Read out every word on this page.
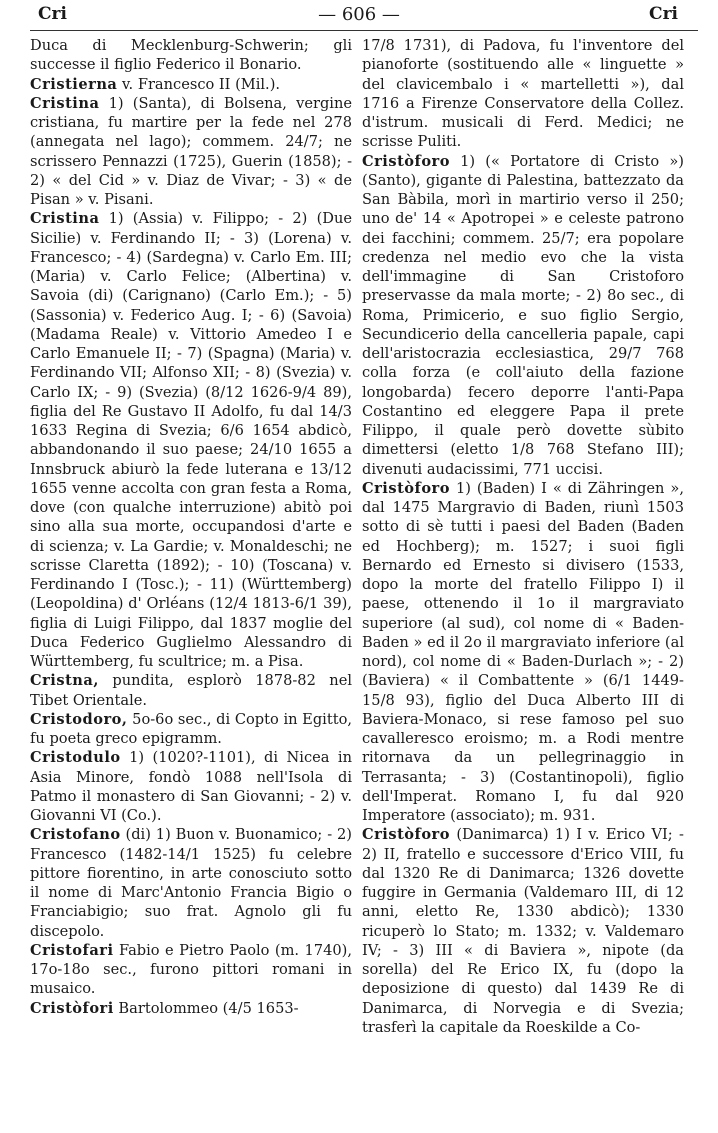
Cri	— 606 —	Cri

Duca di Mecklenburg-Schwerin; gli successe il figlio Federico il Bonario.

Cristierna v. Francesco II (Mil.).

Cristina 1) (Santa), di Bolsena, vergine cristiana, fu martire per la fede nel 278 (annegata nel lago); commem. 24/7; ne scrissero Pennazzi (1725), Guerin (1858); - 2) « del Cid » v. Diaz de Vivar; - 3) « de Pisan » v. Pisani.

Cristina 1) (Assia) v. Filippo; - 2) (Due Sicilie) v. Ferdinando II; - 3) (Lorena) v. Francesco; - 4) (Sardegna) v. Carlo Em. III; (Maria) v. Carlo Felice; (Albertina) v. Savoia (di) (Carignano) (Carlo Em.); - 5) (Sassonia) v. Federico Aug. I; - 6) (Savoia) (Madama Reale) v. Vittorio Amedeo I e Carlo Emanuele II; - 7) (Spagna) (Maria) v. Ferdinando VII; Alfonso XII; - 8) (Svezia) v. Carlo IX; - 9) (Svezia) (8/12 1626-9/4 89), figlia del Re Gustavo II Adolfo, fu dal 14/3 1633 Regina di Svezia; 6/6 1654 abdicò, abbandonando il suo paese; 24/10 1655 a Innsbruck abiurò la fede luterana e 13/12 1655 venne accolta con gran festa a Roma, dove (con qualche interruzione) abitò poi sino alla sua morte, occupandosi d'arte e di scienza; v. La Gardie; v. Monaldeschi; ne scrisse Claretta (1892); - 10) (Toscana) v. Ferdinando I (Tosc.); - 11) (Württemberg) (Leopoldina) d' Orléans (12/4 1813-6/1 39), figlia di Luigi Filippo, dal 1837 moglie del Duca Federico Guglielmo Alessandro di Württemberg, fu scultrice; m. a Pisa.

Cristna, pundita, esplorò 1878-82 nel Tibet Orientale.

Cristodoro, 5o-6o sec., di Copto in Egitto, fu poeta greco epigramm.

Cristodulo 1) (1020?-1101), di Nicea in Asia Minore, fondò 1088 nell'Isola di Patmo il monastero di San Giovanni; - 2) v. Giovanni VI (Co.).

Cristofano (di) 1) Buon v. Buonamico; - 2) Francesco (1482-14/1 1525) fu celebre pittore fiorentino, in arte conosciuto sotto il nome di Marc'Antonio Francia Bigio o Franciabigio; suo frat. Agnolo gli fu discepolo.

Cristofari Fabio e Pietro Paolo (m. 1740), 17o-18o sec., furono pittori romani in musaico.

Cristòfori Bartolommeo (4/5 1653-

17/8 1731), di Padova, fu l'inventore del pianoforte (sostituendo alle « linguette » del clavicembalo i « martelletti »), dal 1716 a Firenze Conservatore della Collez. d'istrum. musicali di Ferd. Medici; ne scrisse Puliti.

Cristòforo 1) (« Portatore di Cristo ») (Santo), gigante di Palestina, battezzato da San Bàbila, morì in martirio verso il 250; uno de' 14 « Apotropei » e celeste patrono dei facchini; commem. 25/7; era popolare credenza nel medio evo che la vista dell'immagine di San Cristoforo preservasse da mala morte; - 2) 8o sec., di Roma, Primicerio, e suo figlio Sergio, Secundicerio della cancelleria papale, capi dell'aristocrazia ecclesiastica, 29/7 768 colla forza (e coll'aiuto della fazione longobarda) fecero deporre l'anti-Papa Costantino ed eleggere Papa il prete Filippo, il quale però dovette sùbito dimettersi (eletto 1/8 768 Stefano III); divenuti audacissimi, 771 uccisi.

Cristòforo 1) (Baden) I « di Zähringen », dal 1475 Margravio di Baden, riunì 1503 sotto di sè tutti i paesi del Baden (Baden ed Hochberg); m. 1527; i suoi figli Bernardo ed Ernesto si divisero (1533, dopo la morte del fratello Filippo I) il paese, ottenendo il 1o il margraviato superiore (al sud), col nome di « Baden-Baden » ed il 2o il margraviato inferiore (al nord), col nome di « Baden-Durlach »; - 2) (Baviera) « il Combattente » (6/1 1449-15/8 93), figlio del Duca Alberto III di Baviera-Monaco, si rese famoso pel suo cavalleresco eroismo; m. a Rodi mentre ritornava da un pellegrinaggio in Terrasanta; - 3) (Costantinopoli), figlio dell'Imperat. Romano I, fu dal 920 Imperatore (associato); m. 931.

Cristòforo (Danimarca) 1) I v. Erico VI; - 2) II, fratello e successore d'Erico VIII, fu dal 1320 Re di Danimarca; 1326 dovette fuggire in Germania (Valdemaro III, di 12 anni, eletto Re, 1330 abdicò); 1330 ricuperò lo Stato; m. 1332; v. Valdemaro IV; - 3) III « di Baviera », nipote (da sorella) del Re Erico IX, fu (dopo la deposizione di questo) dal 1439 Re di Danimarca, di Norvegia e di Svezia; trasferì la capitale da Roeskilde a Co-
